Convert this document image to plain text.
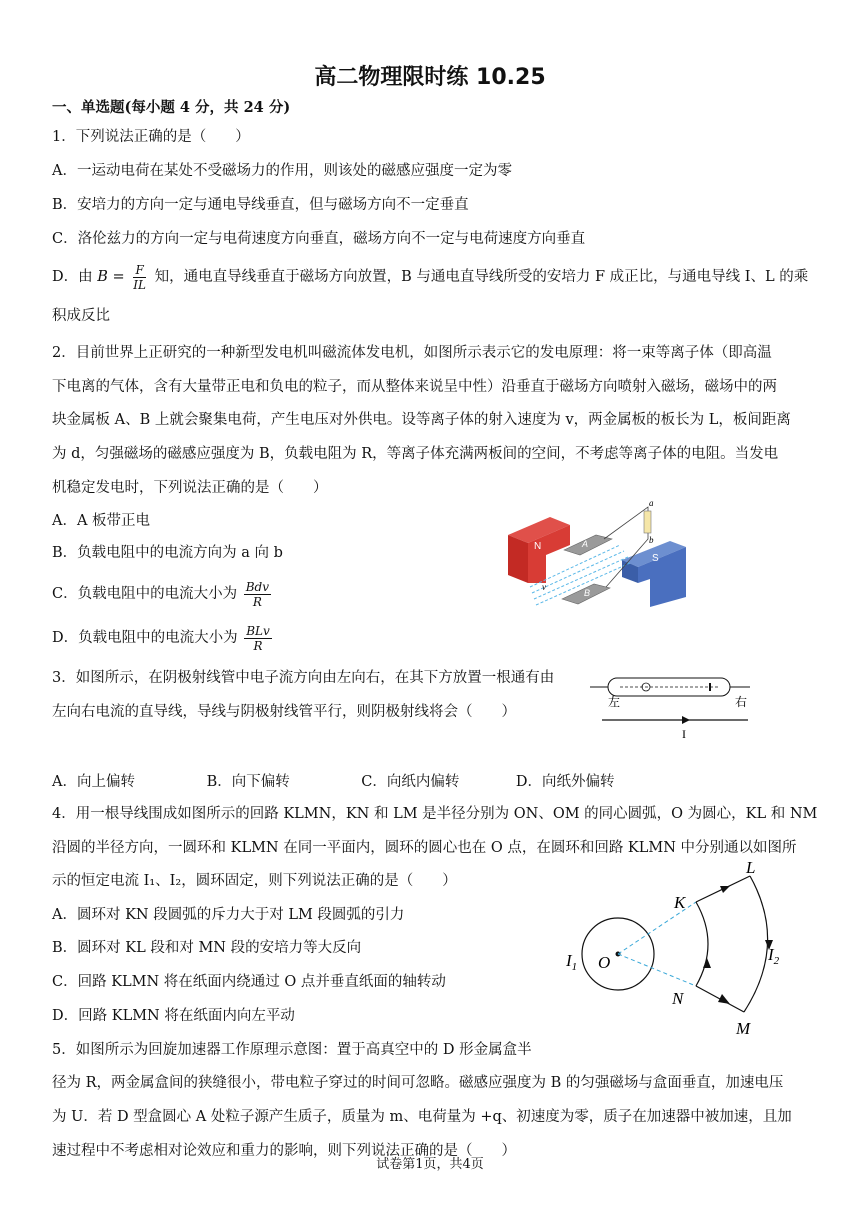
高二物理限时练 10.25
一、单选题(每小题 4 分，共 24 分)
1．下列说法正确的是（　　）
A．一运动电荷在某处不受磁场力的作用，则该处的磁感应强度一定为零
B．安培力的方向一定与通电导线垂直，但与磁场方向不一定垂直
C．洛伦兹力的方向一定与电荷速度方向垂直，磁场方向不一定与电荷速度方向垂直
D．由 $B = \frac{F}{IL}$ 知，通电直导线垂直于磁场方向放置，B 与通电直导线所受的安培力 F 成正比，与通电导线 I、L 的乘
积成反比
2．目前世界上正研究的一种新型发电机叫磁流体发电机，如图所示表示它的发电原理：将一束等离子体（即高温
下电离的气体，含有大量带正电和负电的粒子，而从整体来说呈中性）沿垂直于磁场方向喷射入磁场，磁场中的两
块金属板 A、B 上就会聚集电荷，产生电压对外供电。设等离子体的射入速度为 v，两金属板的板长为 L，板间距离
为 d，匀强磁场的磁感应强度为 B，负载电阻为 R，等离子体充满两板间的空间，不考虑等离子体的电阻。当发电
机稳定发电时，下列说法正确的是（　　）
A．A 板带正电
B．负载电阻中的电流方向为 a 向 b
C．负载电阻中的电流大小为 $\frac{\text{Bdv}}{R}$
D．负载电阻中的电流大小为 $\frac{\text{BLv}}{R}$
N
S
A
B
v
a
b
3．如图所示，在阴极射线管中电子流方向由左向右，在其下方放置一根通有由
左向右电流的直导线，导线与阴极射线管平行，则阴极射线将会（　　）
左	右
I
A．向上偏转	B．向下偏转	C．向纸内偏转	D．向纸外偏转
4．用一根导线围成如图所示的回路 KLMN，KN 和 LM 是半径分别为 ON、OM 的同心圆弧，O 为圆心，KL 和 NM
沿圆的半径方向，一圆环和 KLMN 在同一平面内，圆环的圆心也在 O 点，在圆环和回路 KLMN 中分别通以如图所
示的恒定电流 I₁、I₂，圆环固定，则下列说法正确的是（　　）
A．圆环对 KN 段圆弧的斥力大于对 LM 段圆弧的引力
B．圆环对 KL 段和对 MN 段的安培力等大反向
C．回路 KLMN 将在纸面内绕通过 O 点并垂直纸面的轴转动
D．回路 KLMN 将在纸面内向左平动
K
L
M
N
O
$I_1$
$I_2$
5．如图所示为回旋加速器工作原理示意图：置于高真空中的 D 形金属盒半
径为 R，两金属盒间的狭缝很小，带电粒子穿过的时间可忽略。磁感应强度为 B 的匀强磁场与盒面垂直，加速电压
为 U．若 D 型盒圆心 A 处粒子源产生质子，质量为 m、电荷量为 +q、初速度为零，质子在加速器中被加速，且加
速过程中不考虑相对论效应和重力的影响，则下列说法正确的是（　　）
试卷第1页，共4页
